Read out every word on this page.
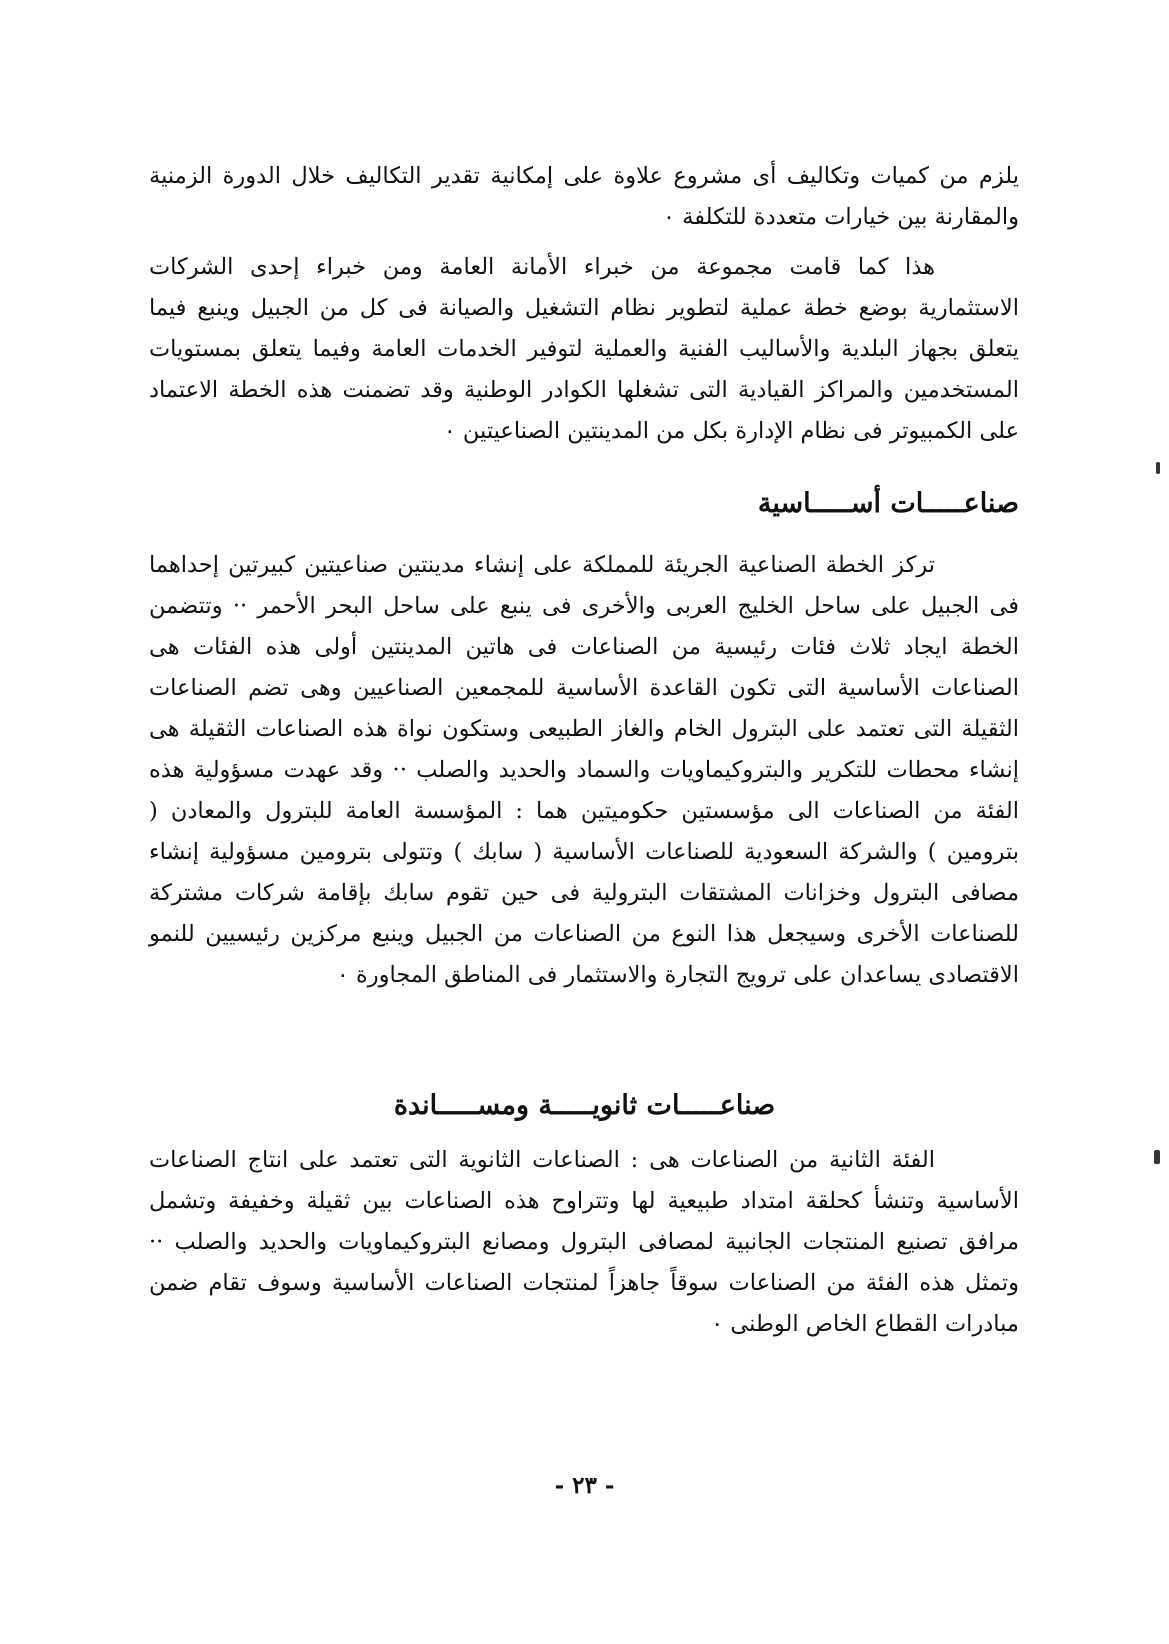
يلزم من كميات وتكاليف أى مشروع علاوة على إمكانية تقدير التكاليف خلال الدورة الزمنية والمقارنة بين خيارات متعددة للتكلفة ٠

هذا كما قامت مجموعة من خبراء الأمانة العامة ومن خبراء إحدى الشركات الاستثمارية بوضع خطة عملية لتطوير نظام التشغيل والصيانة فى كل من الجبيل وينبع فيما يتعلق بجهاز البلدية والأساليب الفنية والعملية لتوفير الخدمات العامة وفيما يتعلق بمستويات المستخدمين والمراكز القيادية التى تشغلها الكوادر الوطنية وقد تضمنت هذه الخطة الاعتماد على الكمبيوتر فى نظام الإدارة بكل من المدينتين الصناعيتين ٠

صناعـــــات أســـــاسية

تركز الخطة الصناعية الجريئة للمملكة على إنشاء مدينتين صناعيتين كبيرتين إحداهما فى الجبيل على ساحل الخليج العربى والأخرى فى ينبع على ساحل البحر الأحمر ·· وتتضمن الخطة ايجاد ثلاث فئات رئيسية من الصناعات فى هاتين المدينتين أولى هذه الفئات هى الصناعات الأساسية التى تكون القاعدة الأساسية للمجمعين الصناعيين وهى تضم الصناعات الثقيلة التى تعتمد على البترول الخام والغاز الطبيعى وستكون نواة هذه الصناعات الثقيلة هى إنشاء محطات للتكرير والبتروكيماويات والسماد والحديد والصلب ·· وقد عهدت مسؤولية هذه الفئة من الصناعات الى مؤسستين حكوميتين هما : المؤسسة العامة للبترول والمعادن ( بترومين ) والشركة السعودية للصناعات الأساسية ( سابك ) وتتولى بترومين مسؤولية إنشاء مصافى البترول وخزانات المشتقات البترولية فى حين تقوم سابك بإقامة شركات مشتركة للصناعات الأخرى وسيجعل هذا النوع من الصناعات من الجبيل وينبع مركزين رئيسيين للنمو الاقتصادى يساعدان على ترويج التجارة والاستثمار فى المناطق المجاورة ٠

صناعـــــات ثانويـــــة ومســـــاندة

الفئة الثانية من الصناعات هى : الصناعات الثانوية التى تعتمد على انتاج الصناعات الأساسية وتنشأ كحلقة امتداد طبيعية لها وتتراوح هذه الصناعات بين ثقيلة وخفيفة وتشمل مرافق تصنيع المنتجات الجانبية لمصافى البترول ومصانع البتروكيماويات والحديد والصلب ·· وتمثل هذه الفئة من الصناعات سوقاً جاهزاً لمنتجات الصناعات الأساسية وسوف تقام ضمن مبادرات القطاع الخاص الوطنى ٠

- ٢٣ -
